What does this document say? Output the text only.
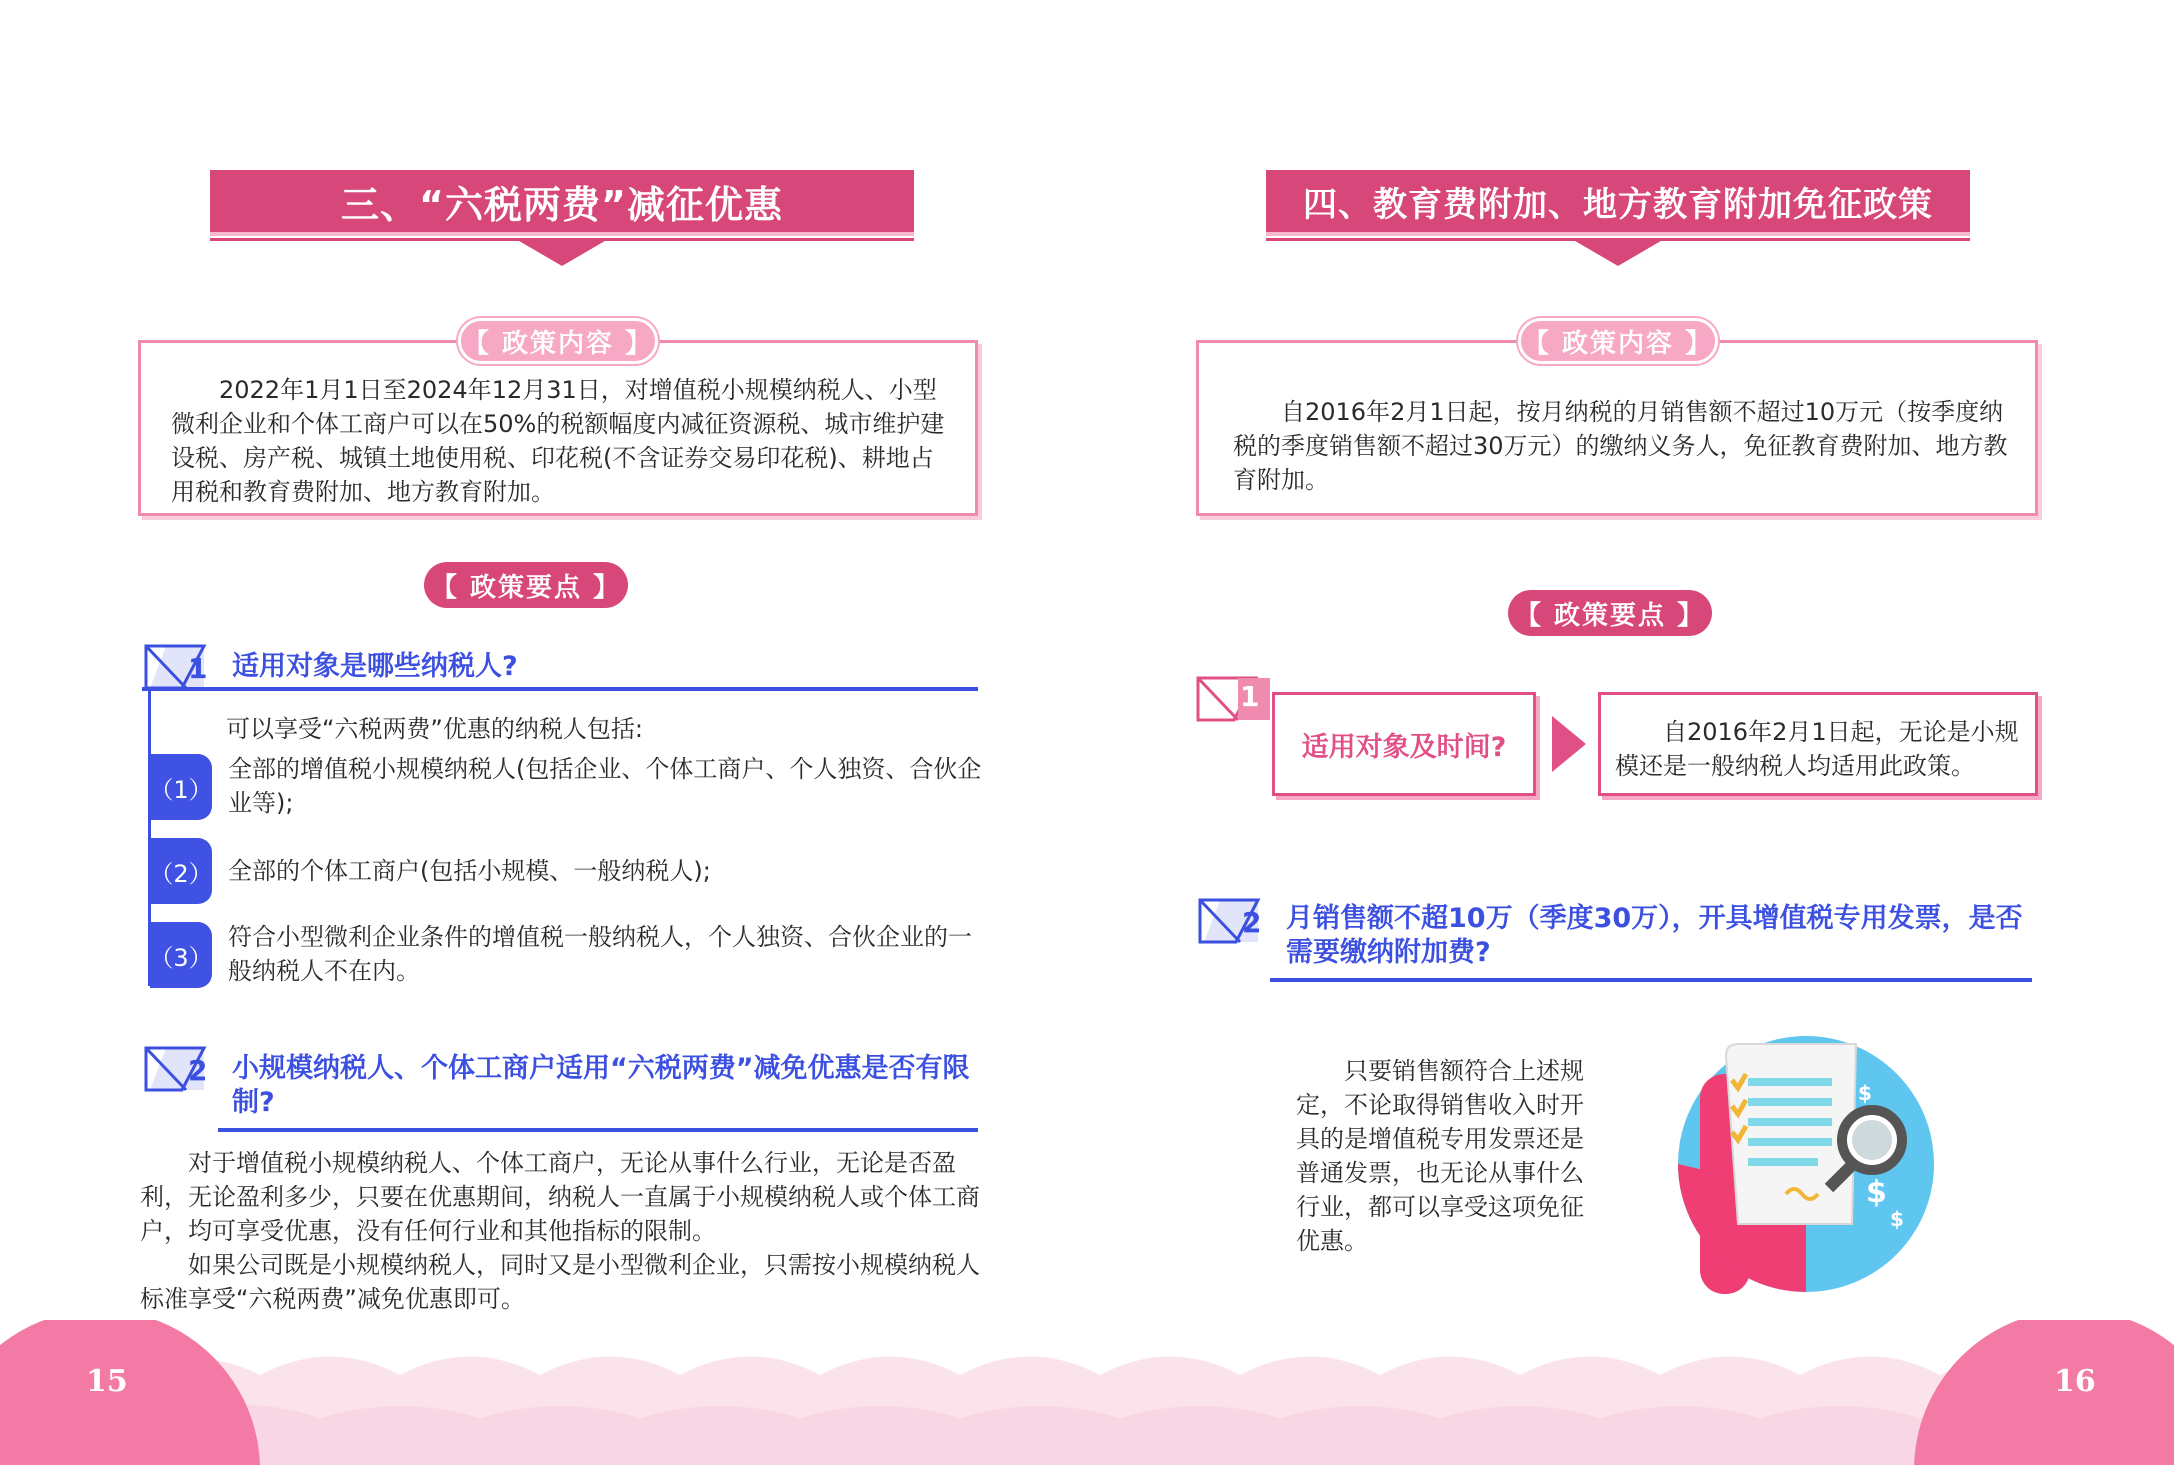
三、“六税两费”减征优惠

2022年1月1日至2024年12月31日，对增值税小规模纳税人、小型微利企业和个体工商户可以在50%的税额幅度内减征资源税、城市维护建设税、房产税、城镇土地使用税、印花税(不含证券交易印花税)、耕地占用税和教育费附加、地方教育附加。

【 政策内容 】
【 政策要点 】
1 适用对象是哪些纳税人?
可以享受“六税两费”优惠的纳税人包括:
（1）
全部的增值税小规模纳税人(包括企业、个体工商户、个人独资、合伙企业等);
（2） 全部的个体工商户(包括小规模、一般纳税人);
（3）
符合小型微利企业条件的增值税一般纳税人，个人独资、合伙企业的一般纳税人不在内。
2 小规模纳税人、个体工商户适用“六税两费”减免优惠是否有限制?

对于增值税小规模纳税人、个体工商户，无论从事什么行业，无论是否盈利，无论盈利多少，只要在优惠期间，纳税人一直属于小规模纳税人或个体工商户，均可享受优惠，没有任何行业和其他指标的限制。

如果公司既是小规模纳税人，同时又是小型微利企业，只需按小规模纳税人标准享受“六税两费”减免优惠即可。

四、教育费附加、地方教育附加免征政策

自2016年2月1日起，按月纳税的月销售额不超过10万元（按季度纳税的季度销售额不超过30万元）的缴纳义务人，免征教育费附加、地方教育附加。

【 政策内容 】
【 政策要点 】
1
适用对象及时间?	自2016年2月1日起，无论是小规模还是一般纳税人均适用此政策。

2 月销售额不超10万（季度30万），开具增值税专用发票，是否需要缴纳附加费?

只要销售额符合上述规定，不论取得销售收入时开具的是增值税专用发票还是普通发票，也无论从事什么行业，都可以享受这项免征优惠。

$
$
$
15	16
